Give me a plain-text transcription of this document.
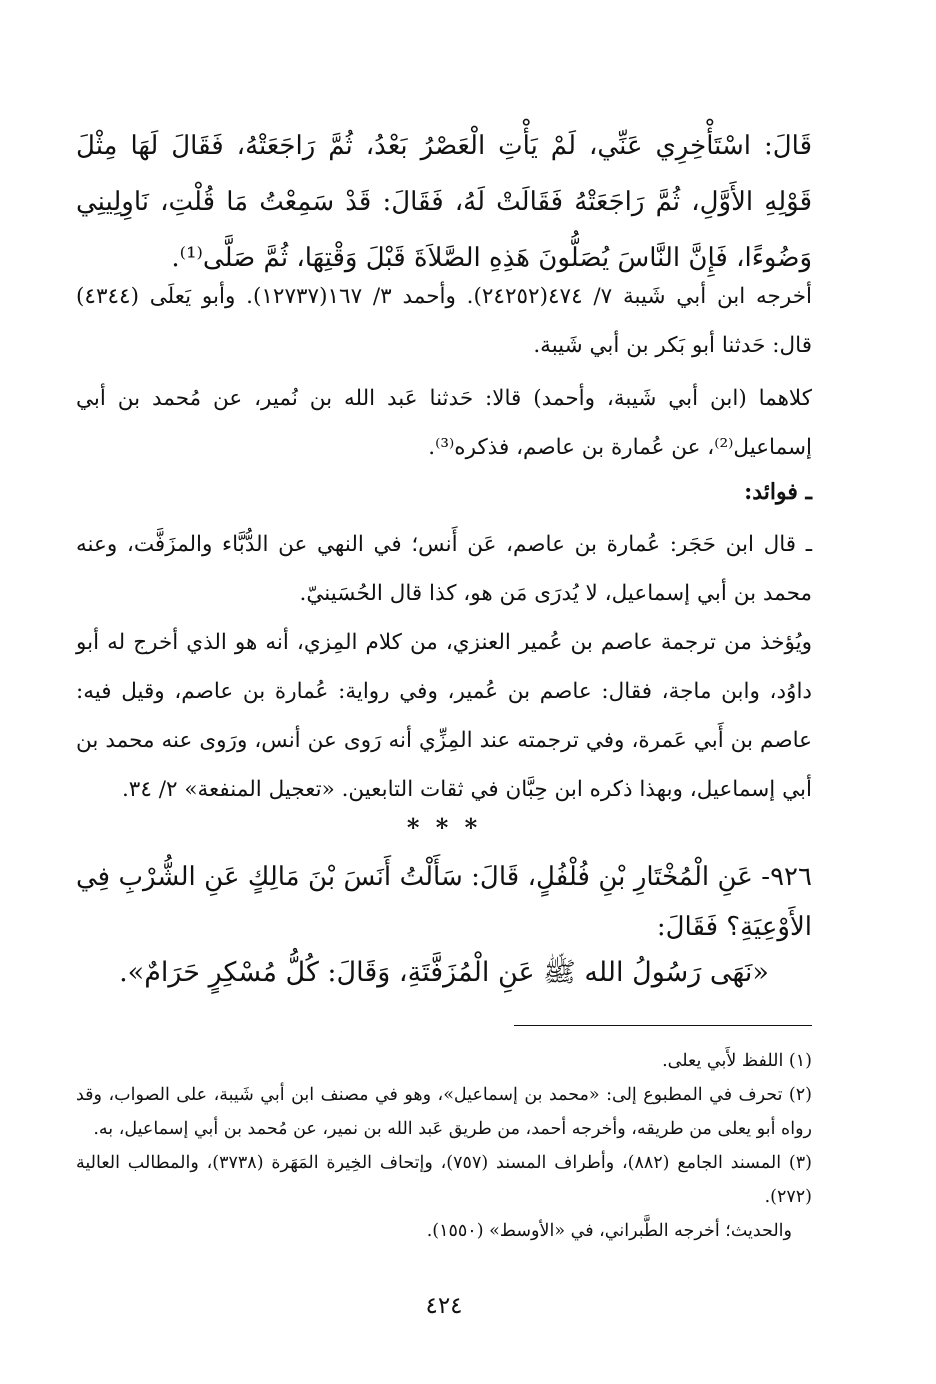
قَالَ: اسْتَأْخِرِي عَنِّي، لَمْ يَأْتِ الْعَصْرُ بَعْدُ، ثُمَّ رَاجَعَتْهُ، فَقَالَ لَهَا مِثْلَ قَوْلِهِ الأَوَّلِ، ثُمَّ رَاجَعَتْهُ فَقَالَتْ لَهُ، فَقَالَ: قَدْ سَمِعْتُ مَا قُلْتِ، نَاوِلِينِي وَضُوءًا، فَإِنَّ النَّاسَ يُصَلُّونَ هَذِهِ الصَّلاَةَ قَبْلَ وَقْتِهَا، ثُمَّ صَلَّى⁽¹⁾.

أخرجه ابن أبي شَيبة ٧/ ٤٧٤(٢٤٢٥٢). وأحمد ٣/ ١٦٧(١٢٧٣٧). وأبو يَعلَى (٤٣٤٤) قال: حَدثنا أبو بَكر بن أبي شَيبة.

كلاهما (ابن أبي شَيبة، وأحمد) قالا: حَدثنا عَبد الله بن نُمير، عن مُحمد بن أبي إسماعيل⁽²⁾، عن عُمارة بن عاصم، فذكره⁽³⁾.

ـ فوائد:

ـ قال ابن حَجَر: عُمارة بن عاصم، عَن أَنس؛ في النهي عن الدُّبَّاء والمزَفَّت، وعنه محمد بن أبي إسماعيل، لا يُدرَى مَن هو، كذا قال الحُسَينيّ.

ويُؤخذ من ترجمة عاصم بن عُمير العنزي، من كلام المِزي، أنه هو الذي أخرج له أبو داوُد، وابن ماجة، فقال: عاصم بن عُمير، وفي رواية: عُمارة بن عاصم، وقيل فيه: عاصم بن أَبي عَمرة، وفي ترجمته عند المِزِّي أنه رَوى عن أنس، ورَوى عنه محمد بن أبي إسماعيل، وبهذا ذكره ابن حِبَّان في ثقات التابعين. «تعجيل المنفعة» ٢/ ٣٤.

* * *

٩٢٦- عَنِ الْمُخْتَارِ بْنِ فُلْفُلٍ، قَالَ: سَأَلْتُ أَنَسَ بْنَ مَالِكٍ عَنِ الشُّرْبِ فِي الأَوْعِيَةِ؟ فَقَالَ:

«نَهَى رَسُولُ الله ﷺ عَنِ الْمُزَفَّتَةِ، وَقَالَ: كُلُّ مُسْكِرٍ حَرَامٌ».

(١) اللفظ لأَبي يعلى.

(٢) تحرف في المطبوع إلى: «محمد بن إسماعيل»، وهو في مصنف ابن أبي شَيبة، على الصواب، وقد رواه أبو يعلى من طريقه، وأخرجه أحمد، من طريق عَبد الله بن نمير، عن مُحمد بن أبي إسماعيل، به.

(٣) المسند الجامع (٨٨٢)، وأطراف المسند (٧٥٧)، وإتحاف الخِيرة المَهَرة (٣٧٣٨)، والمطالب العالية (٢٧٢).

والحديث؛ أخرجه الطَّبراني، في «الأوسط» (١٥٥٠).

٤٢٤
